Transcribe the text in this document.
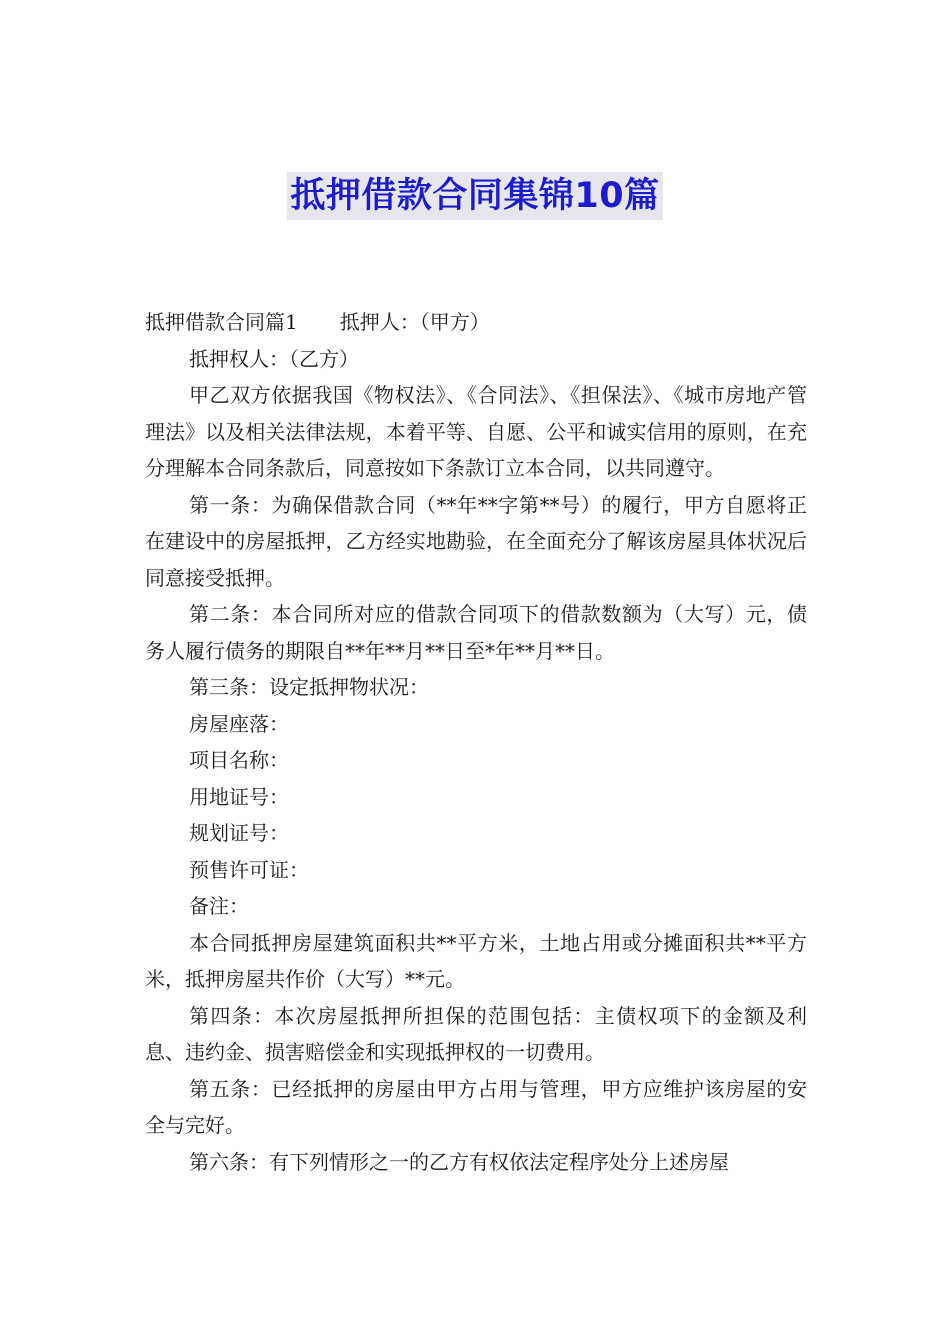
抵押借款合同集锦10篇

抵押借款合同篇1 抵押人：（甲方）

抵押权人：（乙方）

甲乙双方依据我国《物权法》、《合同法》、《担保法》、《城市房地产管理法》以及相关法律法规，本着平等、自愿、公平和诚实信用的原则，在充分理解本合同条款后，同意按如下条款订立本合同，以共同遵守。

第一条：为确保借款合同（**年**字第**号）的履行，甲方自愿将正在建设中的房屋抵押，乙方经实地勘验，在全面充分了解该房屋具体状况后同意接受抵押。

第二条：本合同所对应的借款合同项下的借款数额为（大写）元，债务人履行债务的期限自**年**月**日至*年**月**日。

第三条：设定抵押物状况：

房屋座落：

项目名称：

用地证号：

规划证号：

预售许可证：

备注：

本合同抵押房屋建筑面积共**平方米，土地占用或分摊面积共**平方米，抵押房屋共作价（大写）**元。

第四条：本次房屋抵押所担保的范围包括：主债权项下的金额及利息、违约金、损害赔偿金和实现抵押权的一切费用。

第五条：已经抵押的房屋由甲方占用与管理，甲方应维护该房屋的安全与完好。

第六条：有下列情形之一的乙方有权依法定程序处分上述房屋
